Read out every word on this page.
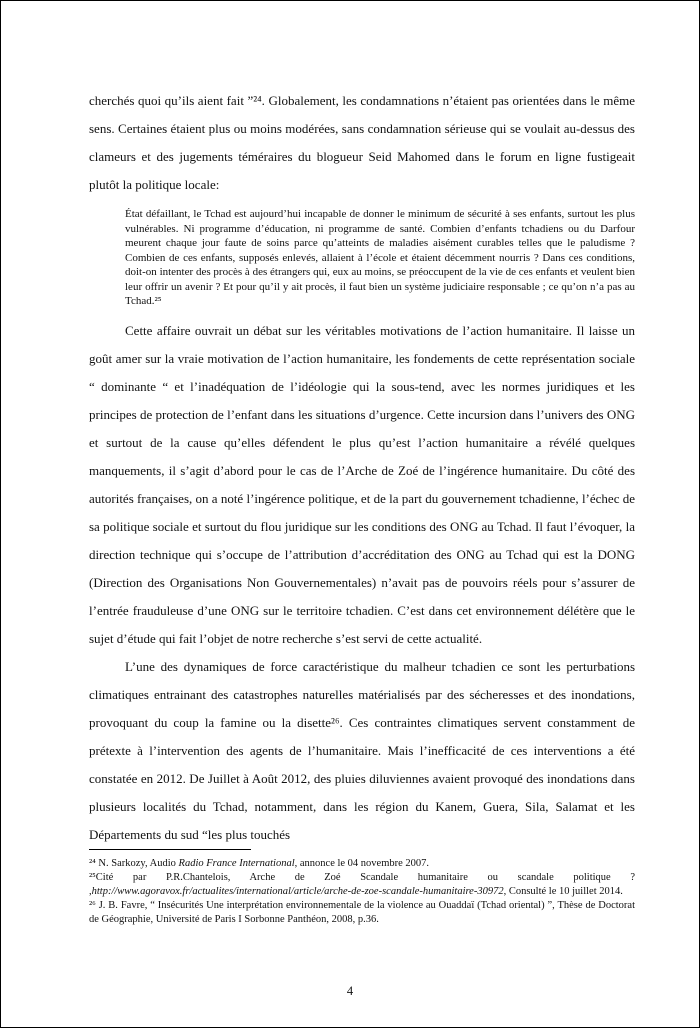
cherchés quoi qu’ils aient fait ”²⁴. Globalement, les condamnations n’étaient pas orientées dans le même sens. Certaines étaient plus ou moins modérées, sans condamnation sérieuse qui se voulait au-dessus des clameurs et des jugements téméraires du blogueur Seid Mahomed dans le forum en ligne fustigeait plutôt la politique locale:

État défaillant, le Tchad est aujourd’hui incapable de donner le minimum de sécurité à ses enfants, surtout les plus vulnérables. Ni programme d’éducation, ni programme de santé. Combien d’enfants tchadiens ou du Darfour meurent chaque jour faute de soins parce qu’atteints de maladies aisément curables telles que le paludisme ? Combien de ces enfants, supposés enlevés, allaient à l’école et étaient décemment nourris ? Dans ces conditions, doit-on intenter des procès à des étrangers qui, eux au moins, se préoccupent de la vie de ces enfants et veulent bien leur offrir un avenir ? Et pour qu’il y ait procès, il faut bien un système judiciaire responsable ; ce qu’on n’a pas au Tchad.²⁵

Cette affaire ouvrait un débat sur les véritables motivations de l’action humanitaire. Il laisse un goût amer sur la vraie motivation de l’action humanitaire, les fondements de cette représentation sociale “ dominante “ et l’inadéquation de l’idéologie qui la sous-tend, avec les normes juridiques et les principes de protection de l’enfant dans les situations d’urgence. Cette incursion dans l’univers des ONG et surtout de la cause qu’elles défendent le plus qu’est l’action humanitaire a révélé quelques manquements, il s’agit d’abord pour le cas de l’Arche de Zoé de l’ingérence humanitaire. Du côté des autorités françaises, on a noté l’ingérence politique, et de la part du gouvernement tchadienne, l’échec de sa politique sociale et surtout du flou juridique sur les conditions des ONG au Tchad. Il faut l’évoquer, la direction technique qui s’occupe de l’attribution d’accréditation des ONG au Tchad qui est la DONG (Direction des Organisations Non Gouvernementales) n’avait pas de pouvoirs réels pour s’assurer de l’entrée frauduleuse d’une ONG sur le territoire tchadien. C’est dans cet environnement délétère que le sujet d’étude qui fait l’objet de notre recherche s’est servi de cette actualité.

L’une des dynamiques de force caractéristique du malheur tchadien ce sont les perturbations climatiques entrainant des catastrophes naturelles matérialisés par des sécheresses et des inondations, provoquant du coup la famine ou la disette²⁶. Ces contraintes climatiques servent constamment de prétexte à l’intervention des agents de l’humanitaire. Mais l’inefficacité de ces interventions a été constatée en 2012. De Juillet à Août 2012, des pluies diluviennes avaient provoqué des inondations dans plusieurs localités du Tchad, notamment, dans les région du Kanem, Guera, Sila, Salamat et les Départements du sud “les plus touchés

²⁴ N. Sarkozy, Audio Radio France International, annonce le 04 novembre 2007.

²⁵Cité par P.R.Chantelois, Arche de Zoé Scandale humanitaire ou scandale politique ? ,http://www.agoravox.fr/actualites/international/article/arche-de-zoe-scandale-humanitaire-30972, Consulté le 10 juillet 2014.

²⁶ J. B. Favre, “ Insécurités Une interprétation environnementale de la violence au Ouaddaï (Tchad oriental) ”, Thèse de Doctorat de Géographie, Université de Paris I Sorbonne Panthéon, 2008, p.36.

4
